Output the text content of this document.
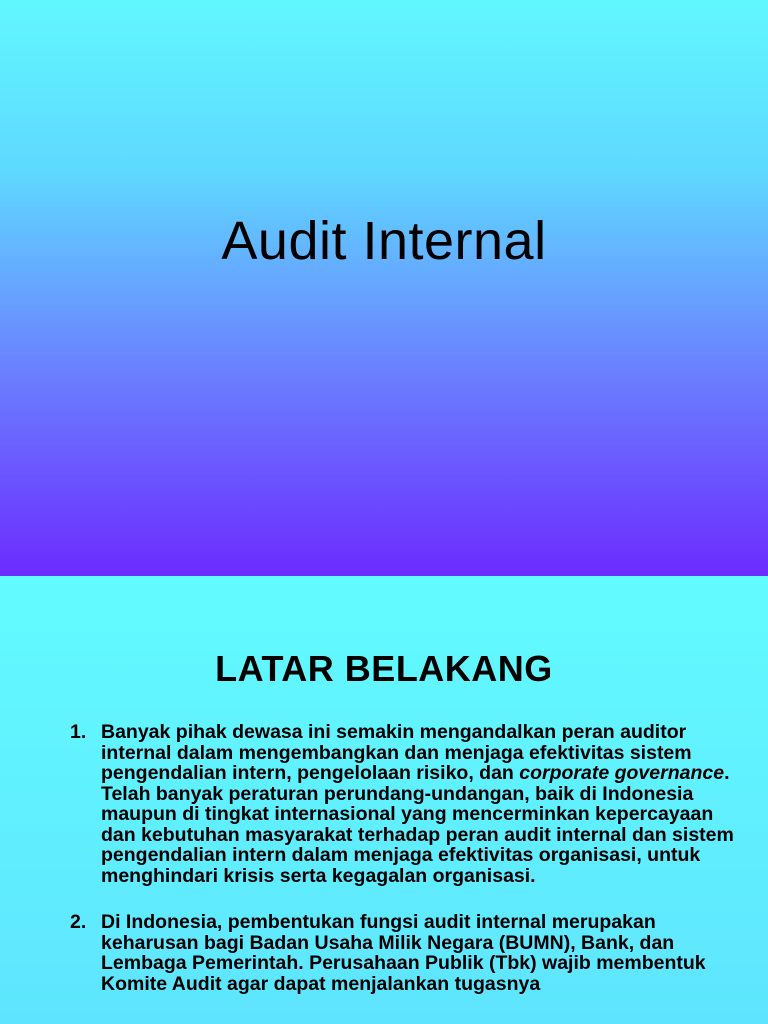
Audit Internal
LATAR BELAKANG
1. Banyak pihak dewasa ini semakin mengandalkan peran auditor internal dalam mengembangkan dan menjaga efektivitas sistem pengendalian intern, pengelolaan risiko, dan corporate governance. Telah banyak peraturan perundang-undangan, baik di Indonesia maupun di tingkat internasional yang mencerminkan kepercayaan dan kebutuhan masyarakat terhadap peran audit internal dan sistem pengendalian intern dalam menjaga efektivitas organisasi, untuk menghindari krisis serta kegagalan organisasi.
2. Di Indonesia, pembentukan fungsi audit internal merupakan keharusan bagi Badan Usaha Milik Negara (BUMN), Bank, dan Lembaga Pemerintah. Perusahaan Publik (Tbk) wajib membentuk Komite Audit agar dapat menjalankan tugasnya
